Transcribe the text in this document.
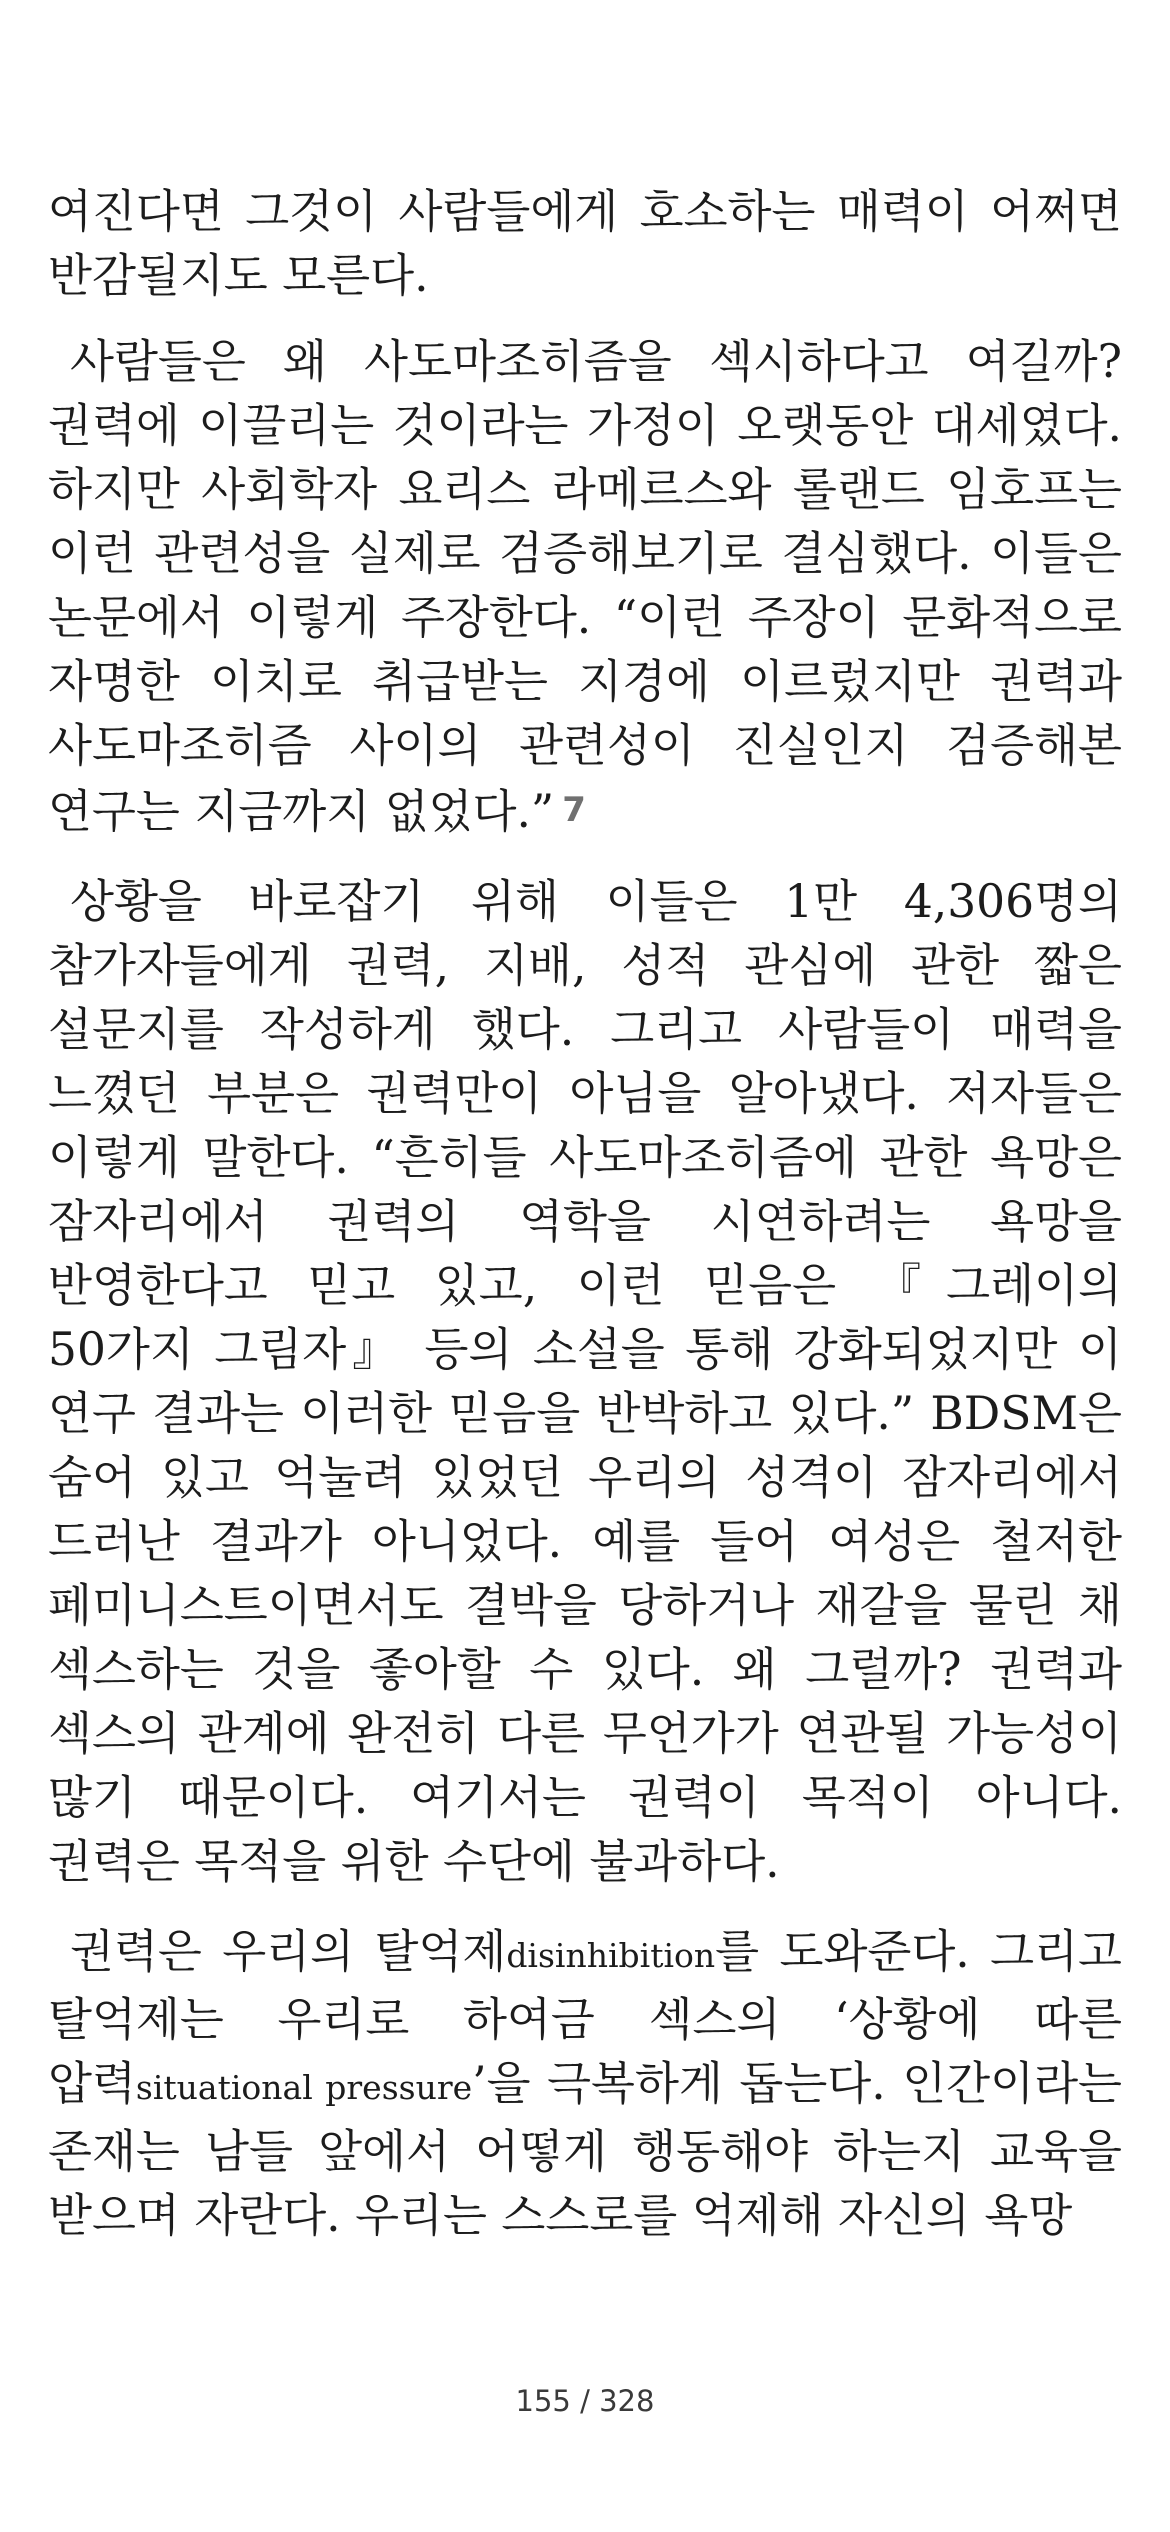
여진다면 그것이 사람들에게 호소하는 매력이 어쩌면 반감될지도 모른다.

사람들은 왜 사도마조히즘을 섹시하다고 여길까? 권력에 이끌리는 것이라는 가정이 오랫동안 대세였다. 하지만 사회학자 요리스 라메르스와 롤랜드 임호프는 이런 관련성을 실제로 검증해보기로 결심했다. 이들은 논문에서 이렇게 주장한다. “이런 주장이 문화적으로 자명한 이치로 취급받는 지경에 이르렀지만 권력과 사도마조히즘 사이의 관련성이 진실인지 검증해본 연구는 지금까지 없었다.” 7

상황을 바로잡기 위해 이들은 1만 4,306명의 참가자들에게 권력, 지배, 성적 관심에 관한 짧은 설문지를 작성하게 했다. 그리고 사람들이 매력을 느꼈던 부분은 권력만이 아님을 알아냈다. 저자들은 이렇게 말한다. “흔히들 사도마조히즘에 관한 욕망은 잠자리에서 권력의 역학을 시연하려는 욕망을 반영한다고 믿고 있고, 이런 믿음은 『그레이의 50가지 그림자』 등의 소설을 통해 강화되었지만 이 연구 결과는 이러한 믿음을 반박하고 있다.” BDSM은 숨어 있고 억눌려 있었던 우리의 성격이 잠자리에서 드러난 결과가 아니었다. 예를 들어 여성은 철저한 페미니스트이면서도 결박을 당하거나 재갈을 물린 채 섹스하는 것을 좋아할 수 있다. 왜 그럴까? 권력과 섹스의 관계에 완전히 다른 무언가가 연관될 가능성이 많기 때문이다. 여기서는 권력이 목적이 아니다. 권력은 목적을 위한 수단에 불과하다.

권력은 우리의 탈억제disinhibition를 도와준다. 그리고 탈억제는 우리로 하여금 섹스의 ‘상황에 따른 압력situational pressure’을 극복하게 돕는다. 인간이라는 존재는 남들 앞에서 어떻게 행동해야 하는지 교육을 받으며 자란다. 우리는 스스로를 억제해 자신의 욕망

155 / 328
